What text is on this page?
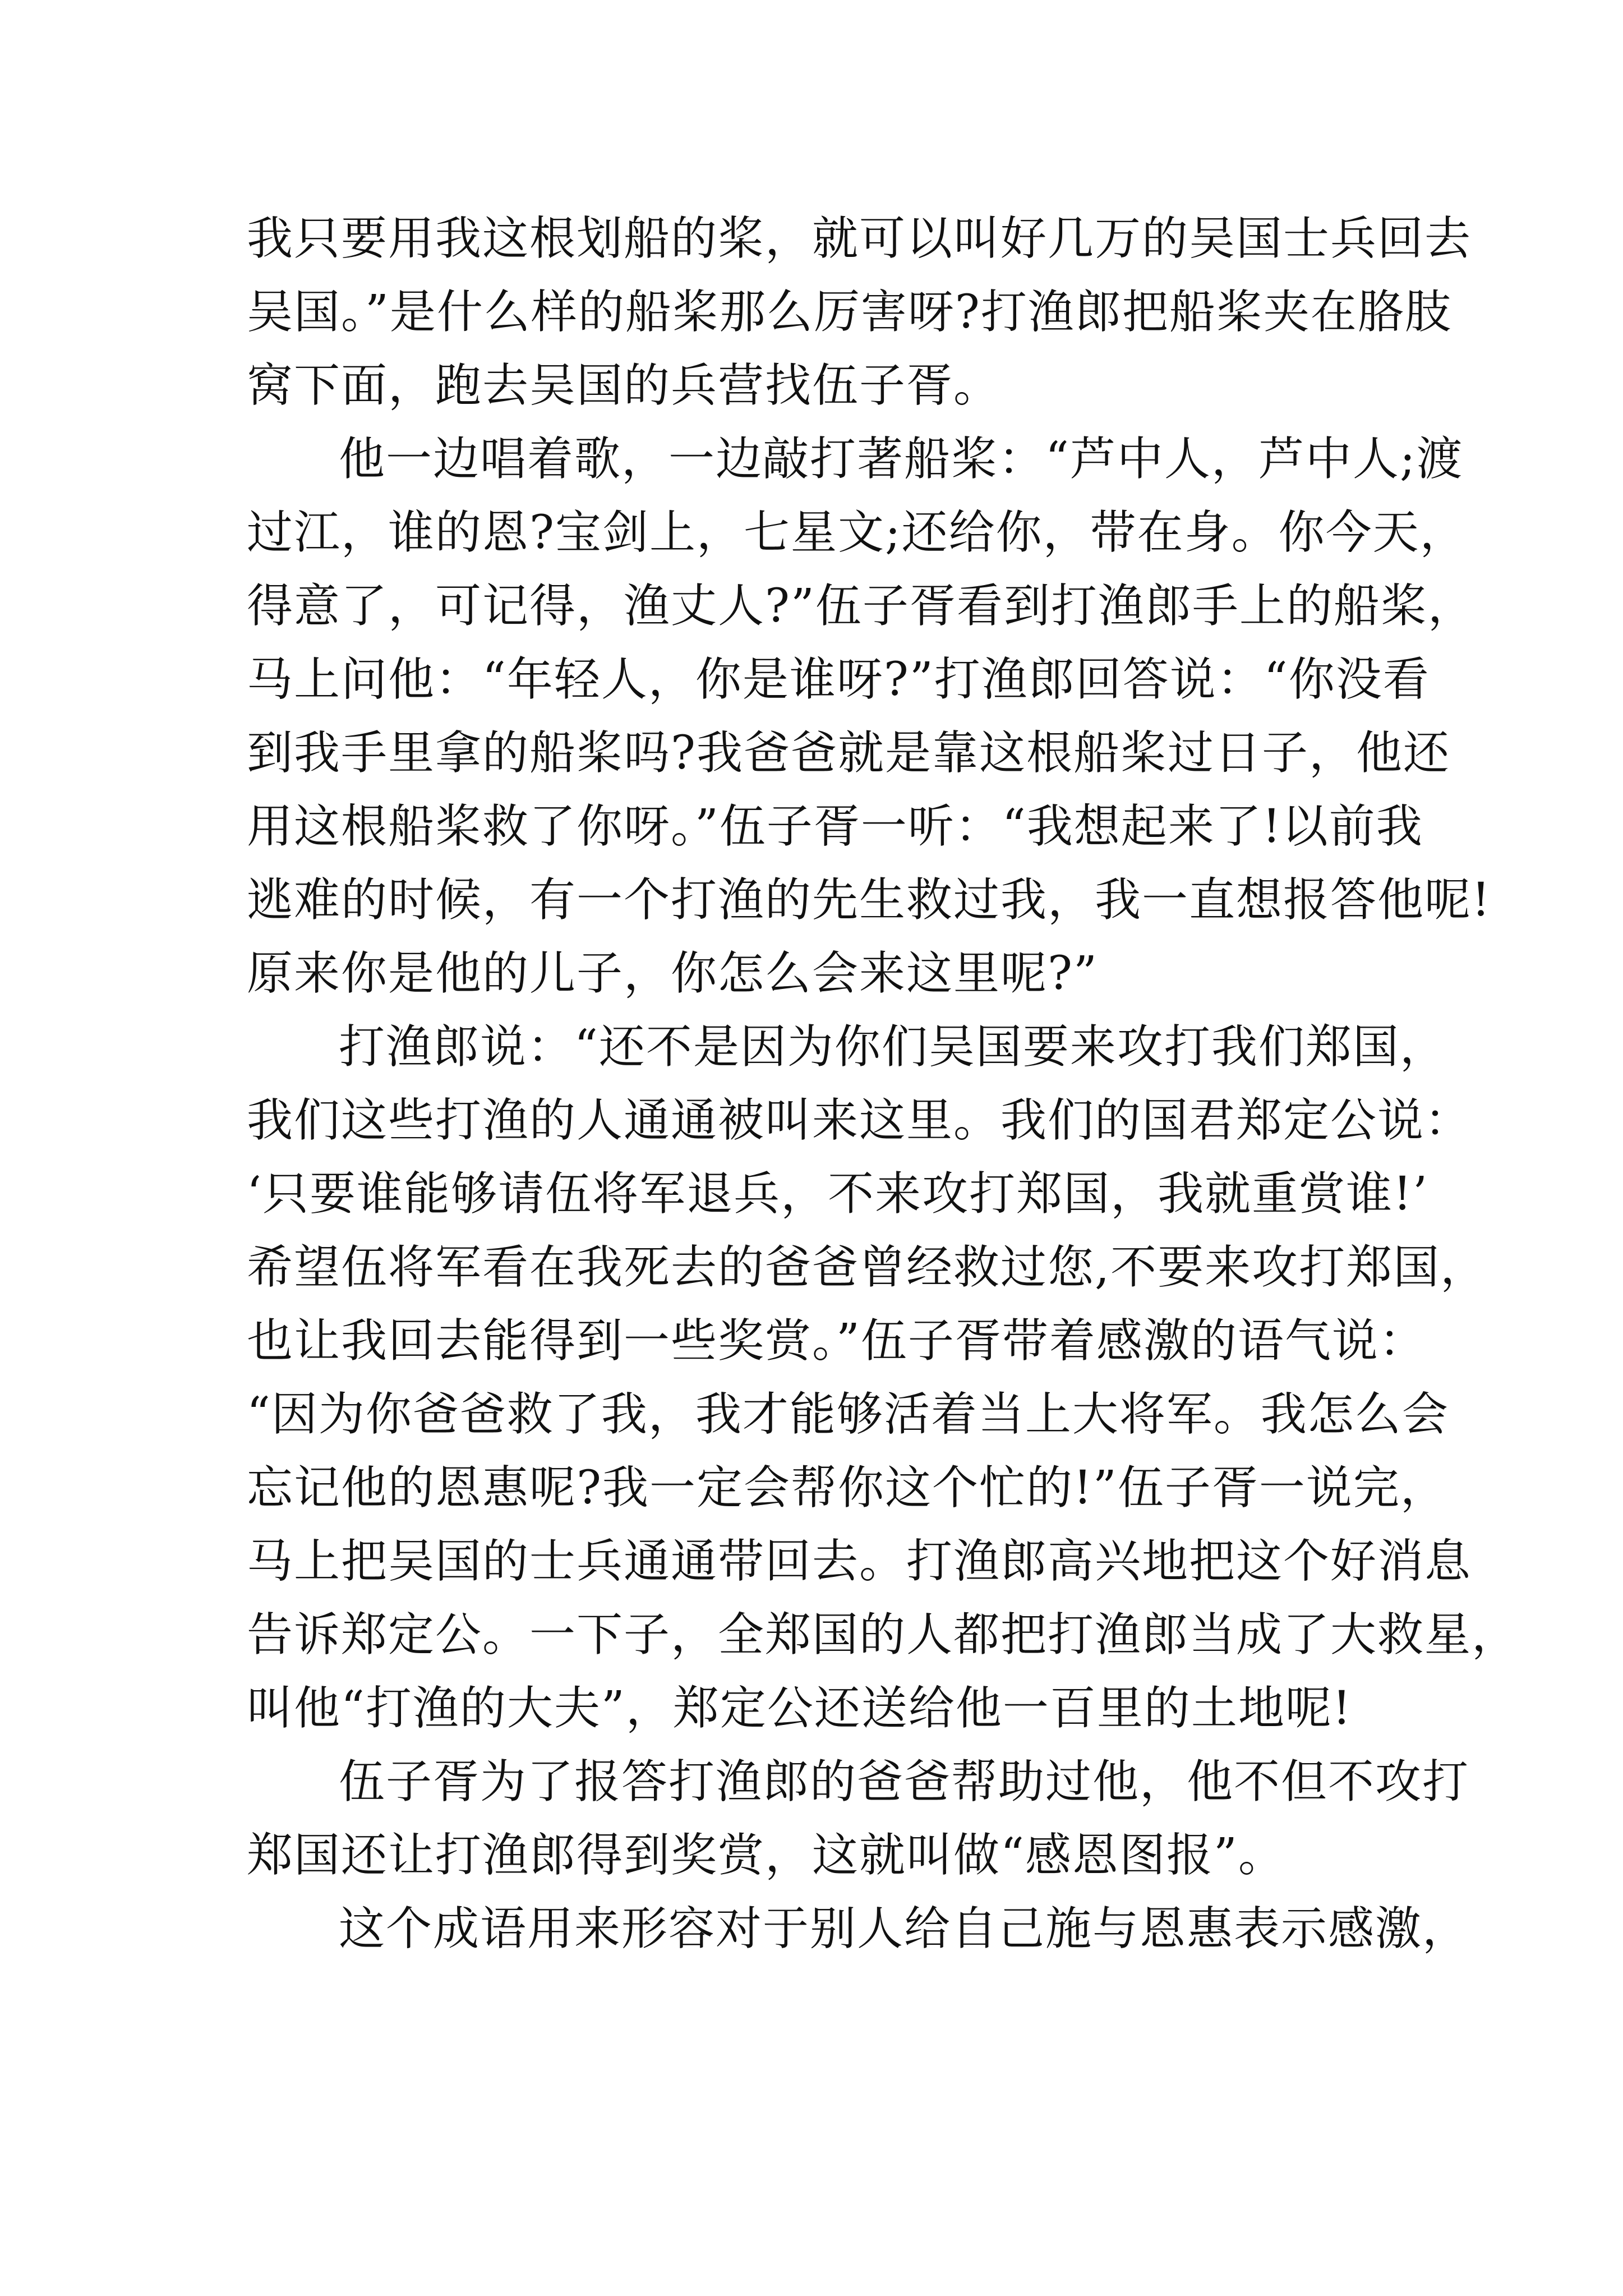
我只要用我这根划船的桨，就可以叫好几万的吴国士兵回去
吴国。”是什么样的船桨那么厉害呀?打渔郎把船桨夹在胳肢
窝下面，跑去吴国的兵营找伍子胥。
他一边唱着歌，一边敲打著船桨：“芦中人，芦中人;渡
过江，谁的恩?宝剑上，七星文;还给你，带在身。你今天，
得意了，可记得，渔丈人?”伍子胥看到打渔郎手上的船桨，
马上问他：“年轻人，你是谁呀?”打渔郎回答说：“你没看
到我手里拿的船桨吗?我爸爸就是靠这根船桨过日子，他还
用这根船桨救了你呀。”伍子胥一听：“我想起来了!以前我
逃难的时候，有一个打渔的先生救过我，我一直想报答他呢!
原来你是他的儿子，你怎么会来这里呢?”
打渔郎说：“还不是因为你们吴国要来攻打我们郑国，
我们这些打渔的人通通被叫来这里。我们的国君郑定公说：
‘只要谁能够请伍将军退兵，不来攻打郑国，我就重赏谁!’
希望伍将军看在我死去的爸爸曾经救过您,不要来攻打郑国，
也让我回去能得到一些奖赏。”伍子胥带着感激的语气说：
“因为你爸爸救了我，我才能够活着当上大将军。我怎么会
忘记他的恩惠呢?我一定会帮你这个忙的!”伍子胥一说完，
马上把吴国的士兵通通带回去。打渔郎高兴地把这个好消息
告诉郑定公。一下子，全郑国的人都把打渔郎当成了大救星，
叫他“打渔的大夫”，郑定公还送给他一百里的土地呢!
伍子胥为了报答打渔郎的爸爸帮助过他，他不但不攻打
郑国还让打渔郎得到奖赏，这就叫做“感恩图报”。
这个成语用来形容对于别人给自己施与恩惠表示感激，
